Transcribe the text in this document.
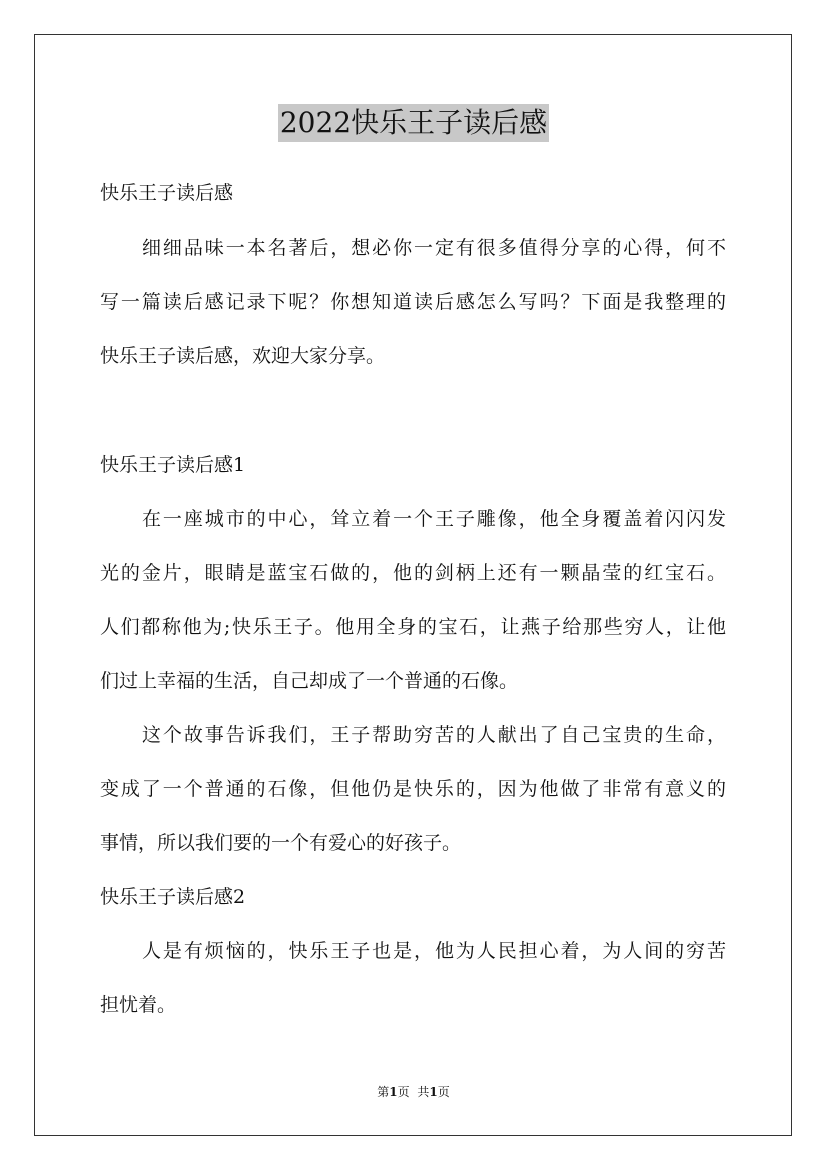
2022快乐王子读后感
快乐王子读后感
细细品味一本名著后，想必你一定有很多值得分享的心得，何不
写一篇读后感记录下呢？你想知道读后感怎么写吗？下面是我整理的
快乐王子读后感，欢迎大家分享。
快乐王子读后感1
在一座城市的中心，耸立着一个王子雕像，他全身覆盖着闪闪发
光的金片，眼睛是蓝宝石做的，他的剑柄上还有一颗晶莹的红宝石。
人们都称他为;快乐王子。他用全身的宝石，让燕子给那些穷人，让他
们过上幸福的生活，自己却成了一个普通的石像。
这个故事告诉我们，王子帮助穷苦的人献出了自己宝贵的生命，
变成了一个普通的石像，但他仍是快乐的，因为他做了非常有意义的
事情，所以我们要的一个有爱心的好孩子。
快乐王子读后感2
人是有烦恼的，快乐王子也是，他为人民担心着，为人间的穷苦
担忧着。
第1页 共1页
